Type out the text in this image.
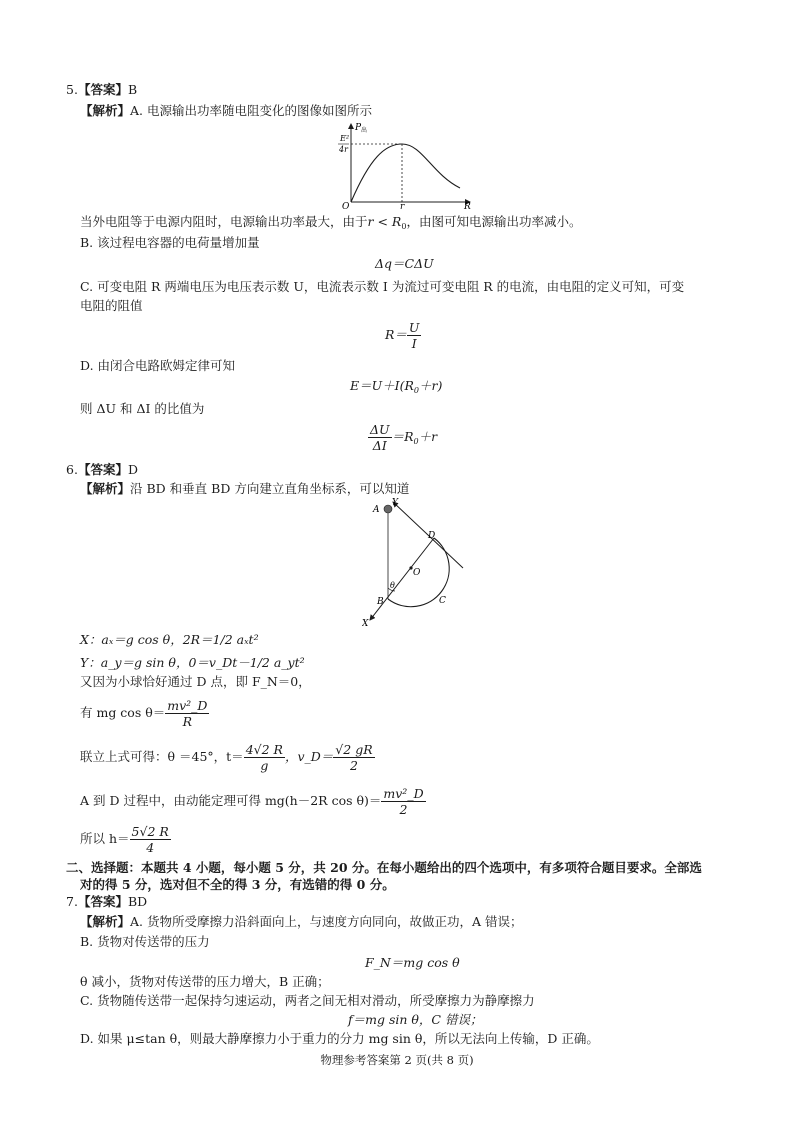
5.【答案】B
【解析】A. 电源输出功率随电阻变化的图像如图所示
P 出
E²
4r
O	r	R
当外电阻等于电源内阻时，电源输出功率最大，由于$r < R_0$，由图可知电源输出功率减小。
B. 该过程电容器的电荷量增加量
Δq＝CΔU
C. 可变电阻 R 两端电压为电压表示数 U，电流表示数 I 为流过可变电阻 R 的电流，由电阻的定义可知，可变
电阻的阻值
$R= \frac{U}{I}$
D. 由闭合电路欧姆定律可知
$E=U+I(R_0+r)$
则 ΔU 和 ΔI 的比值为
$\frac{\Delta U}{\Delta I} =R_0+r$
6.【答案】D
【解析】沿 BD 和垂直 BD 方向建立直角坐标系，可以知道
A
Y
D
O
θ
B	C
X
X：aₓ＝g cos θ，2R＝1/2 aₓt²
Y：a_y＝g sin θ，0＝v_Dt－1/2 a_yt²
又因为小球恰好通过 D 点，即 F_N＝0，
有 mg $\cos \theta= \frac{\text{mv²\_D}}{R}$
联立上式可得：θ ＝45°，$t= \frac{4√2 R}{g}$ ，v_D＝ $\frac{√2 gR}{2}$
A 到 D 过程中，由动能定理可得 mg(h－2R $\cos \theta)= \frac{\text{mv²\_D}}{2}$
所以 $h= \frac{5√2 R}{4}$
二、选择题：本题共 4 小题，每小题 5 分，共 20 分。在每小题给出的四个选项中，有多项符合题目要求。全部选
对的得 5 分，选对但不全的得 3 分，有选错的得 0 分。
7.【答案】BD
【解析】A. 货物所受摩擦力沿斜面向上，与速度方向同向，故做正功，A 错误；
B. 货物对传送带的压力
F_N＝mg cos θ
θ 减小，货物对传送带的压力增大，B 正确；
C. 货物随传送带一起保持匀速运动，两者之间无相对滑动，所受摩擦力为静摩擦力
f＝mg sin θ，C 错误；
D. 如果 μ≤tan θ，则最大静摩擦力小于重力的分力 mg sin θ，所以无法向上传输，D 正确。
物理参考答案第 2 页(共 8 页)
